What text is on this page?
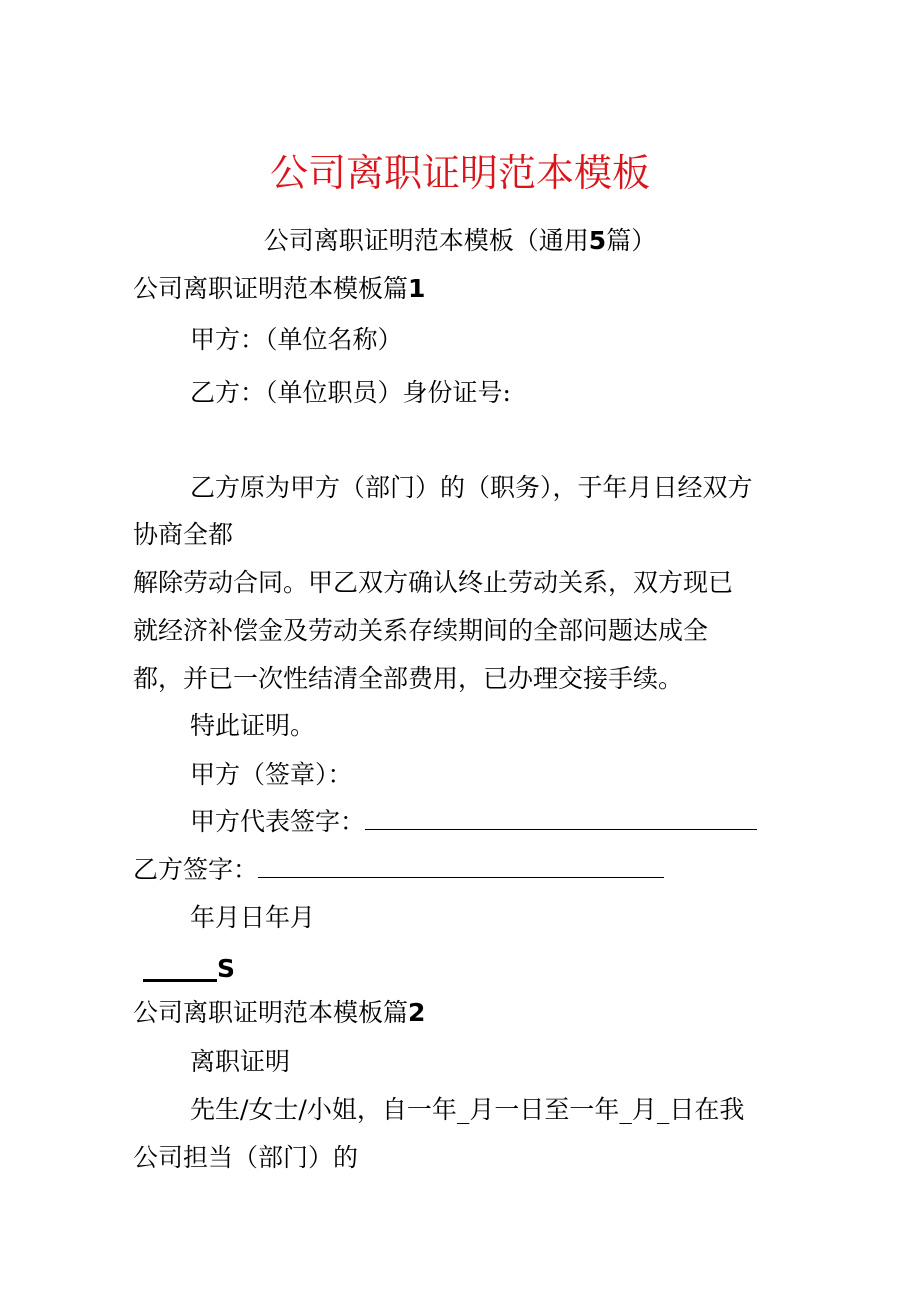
公司离职证明范本模板
公司离职证明范本模板（通用5篇）
公司离职证明范本模板篇1
甲方：（单位名称）
乙方：（单位职员）身份证号:
乙方原为甲方（部门）的（职务），于年月日经双方
协商全都
解除劳动合同。甲乙双方确认终止劳动关系，双方现已
就经济补偿金及劳动关系存续期间的全部问题达成全
都，并已一次性结清全部费用，已办理交接手续。
特此证明。
甲方（签章）：
甲方代表签字：
乙方签字：
年月日年月
S
公司离职证明范本模板篇2
离职证明
先生/女士/小姐，自一年_月一日至一年_月_日在我
公司担当（部门）的
